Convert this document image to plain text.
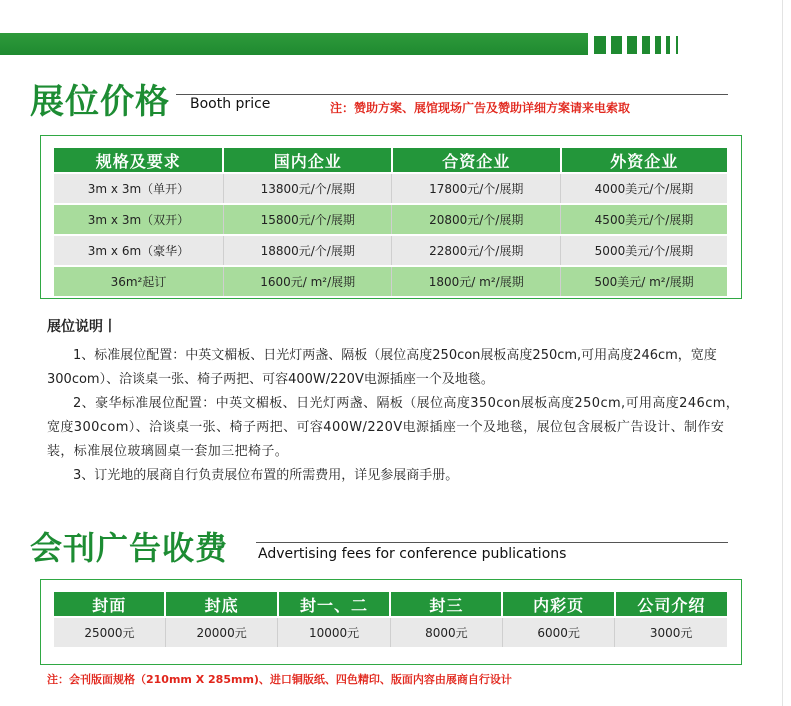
展位价格 Booth price	注：赞助方案、展馆现场广告及赞助详细方案请来电索取
规格及要求	国内企业	合资企业	外资企业
3m x 3m（单开）	13800元/个/展期	17800元/个/展期	4000美元/个/展期
3m x 3m（双开）	15800元/个/展期	20800元/个/展期	4500美元/个/展期
3m x 6m（豪华）	18800元/个/展期	22800元/个/展期	5000美元/个/展期
36m²起订	1600元/ m²/展期	1800元/ m²/展期	500美元/ m²/展期
展位说明丨
1、标准展位配置：中英文楣板、日光灯两盏、隔板（展位高度250con展板高度250cm,可用高度246cm，宽度300com）、洽谈桌一张、椅子两把、可容400W/220V电源插座一个及地毯。
2、豪华标准展位配置：中英文楣板、日光灯两盏、隔板（展位高度350con展板高度250cm,可用高度246cm，宽度300com）、洽谈桌一张、椅子两把、可容400W/220V电源插座一个及地毯，展位包含展板广告设计、制作安装，标准展位玻璃圆桌一套加三把椅子。
3、订光地的展商自行负责展位布置的所需费用，详见参展商手册。
会刊广告收费 Advertising fees for conference publications
封面	封底	封一、二	封三	内彩页	公司介绍
25000元	20000元	10000元	8000元	6000元	3000元
注：会刊版面规格（210mm X 285mm)、进口铜版纸、四色精印、版面内容由展商自行设计
